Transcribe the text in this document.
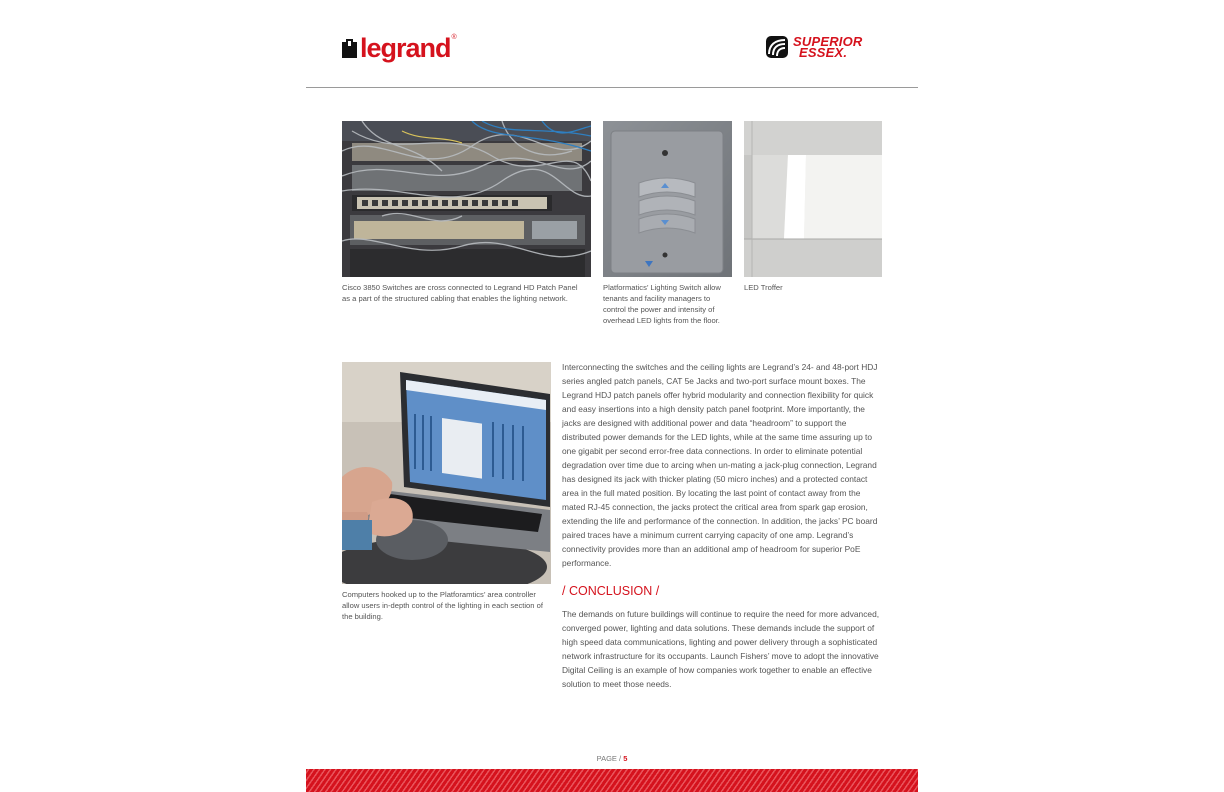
legrand ®	SUPERIOR
ESSEX.
Cisco 3850 Switches are cross connected to Legrand HD Patch Panel as a part of the structured cabling that enables the lighting network.
Platformatics’ Lighting Switch allow tenants and facility managers to control the power and intensity of overhead LED lights from the floor.
LED Troffer
Computers hooked up to the Platforamtics’ area controller allow users in-depth control of the lighting in each section of the building.
Interconnecting the switches and the ceiling lights are Legrand’s 24- and 48-port HDJ series angled patch panels, CAT 5e Jacks and two-port surface mount boxes. The Legrand HDJ patch panels offer hybrid modularity and connection flexibility for quick and easy insertions into a high density patch panel footprint. More importantly, the jacks are designed with additional power and data “headroom” to support the distributed power demands for the LED lights, while at the same time assuring up to one gigabit per second error-free data connections. In order to eliminate potential degradation over time due to arcing when un-mating a jack-plug connection, Legrand has designed its jack with thicker plating (50 micro inches) and a protected contact area in the full mated position. By locating the last point of contact away from the mated RJ-45 connection, the jacks protect the critical area from spark gap erosion, extending the life and performance of the connection. In addition, the jacks’ PC board paired traces have a minimum current carrying capacity of one amp. Legrand’s connectivity provides more than an additional amp of headroom for superior PoE performance.
/ CONCLUSION /
The demands on future buildings will continue to require the need for more advanced, converged power, lighting and data solutions. These demands include the support of high speed data communications, lighting and power delivery through a sophisticated network infrastructure for its occupants. Launch Fishers’ move to adopt the innovative Digital Ceiling is an example of how companies work together to enable an effective solution to meet those needs.
PAGE / 5
